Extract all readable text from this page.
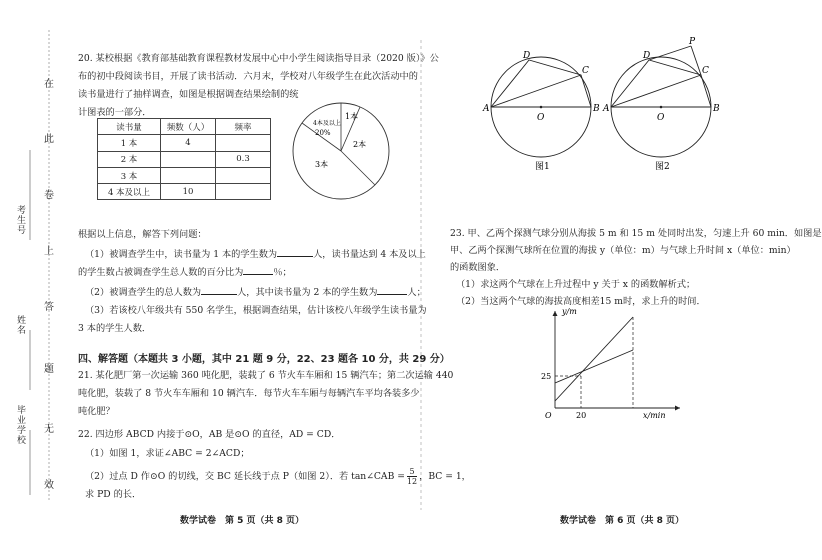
考生号
姓名
毕业学校
在
此
卷
上
答
题
无
效
20. 某校根据《教育部基础教育课程教材发展中心中小学生阅读指导目录（2020 版）》公
布的初中段阅读书目，开展了读书活动．六月末，学校对八年级学生在此次活动中的
读书量进行了抽样调查，如图是根据调查结果绘制的统
计图表的一部分．
读书量	频数（人）	频率
1 本	4	
2 本		0.3
3 本		
4 本及以上	10	
4本及以上
20%
1本
2本
3本
根据以上信息，解答下列问题：
（1）被调查学生中，读书量为 1 本的学生数为	人，读书量达到 4 本及以上
的学生数占被调查学生总人数的百分比为	％；
（2）被调查学生的总人数为	人，其中读书量为 2 本的学生数为	人；
（3）若该校八年级共有 550 名学生，根据调查结果，估计该校八年级学生读书量为
3 本的学生人数．
四、解答题（本题共 3 小题，其中 21 题 9 分，22、23 题各 10 分，共 29 分）
21. 某化肥厂第一次运输 360 吨化肥，装载了 6 节火车车厢和 15 辆汽车；第二次运输 440
吨化肥，装载了 8 节火车车厢和 10 辆汽车．每节火车车厢与每辆汽车平均各装多少
吨化肥？
22. 四边形 ABCD 内接于⊙O，AB 是⊙O 的直径，AD = CD．
（1）如图 1，求证∠ABC = 2∠ACD；
（2）过点 D 作⊙O 的切线，交 BC 延长线于点 P（如图 2）．若 tan∠CAB = $\frac{5}{12}$ ，BC = 1，
求 PD 的长．
数学试卷　第 5 页（共 8 页）
A	B
C
D
O
图1
A	B
C
D
P
O
图2
23. 甲、乙两个探测气球分别从海拔 5 m 和 15 m 处同时出发，匀速上升 60 min．如图是
甲、乙两个探测气球所在位置的海拔 y（单位：m）与气球上升时间 x（单位：min）
的函数图象．
（1）求这两个气球在上升过程中 y 关于 x 的函数解析式；
（2）当这两个气球的海拔高度相差15 m时，求上升的时间．
y/m
x/min
25
20
O
数学试卷　第 6 页（共 8 页）
